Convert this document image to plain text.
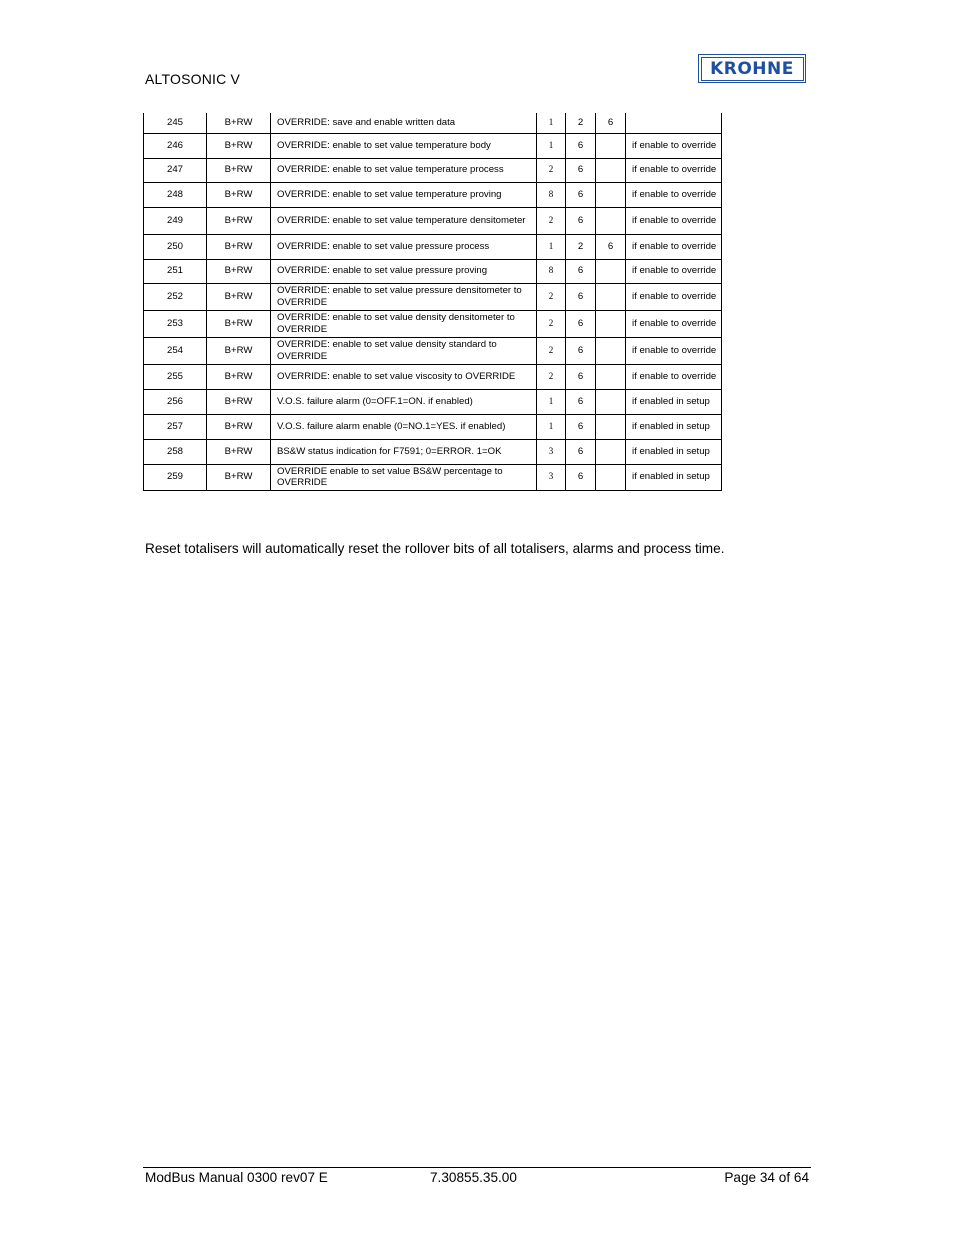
ALTOSONIC V
KROHNE
245	B+RW	OVERRIDE: save and enable written data	1	2	6	
246	B+RW	OVERRIDE: enable to set value temperature body	1	6		if enable to override
247	B+RW	OVERRIDE: enable to set value temperature process	2	6		if enable to override
248	B+RW	OVERRIDE: enable to set value temperature proving	8	6		if enable to override
249	B+RW	OVERRIDE: enable to set value temperature densitometer	2	6		if enable to override
250	B+RW	OVERRIDE: enable to set value pressure process	1	2	6	if enable to override
251	B+RW	OVERRIDE: enable to set value pressure proving	8	6		if enable to override
252	B+RW	OVERRIDE: enable to set value pressure densitometer to OVERRIDE	2	6		if enable to override
253	B+RW	OVERRIDE: enable to set value density densitometer to OVERRIDE	2	6		if enable to override
254	B+RW	OVERRIDE: enable to set value density standard to OVERRIDE	2	6		if enable to override
255	B+RW	OVERRIDE: enable to set value viscosity to OVERRIDE	2	6		if enable to override
256	B+RW	V.O.S. failure alarm (0=OFF.1=ON. if enabled)	1	6		if enabled in setup
257	B+RW	V.O.S. failure alarm enable (0=NO.1=YES. if enabled)	1	6		if enabled in setup
258	B+RW	BS&W status indication for F7591; 0=ERROR. 1=OK	3	6		if enabled in setup
259	B+RW	OVERRIDE enable to set value BS&W percentage to OVERRIDE	3	6		if enabled in setup
Reset totalisers will automatically reset the rollover bits of all totalisers, alarms and process time.
ModBus Manual 0300 rev07 E	7.30855.35.00	Page 34 of 64
